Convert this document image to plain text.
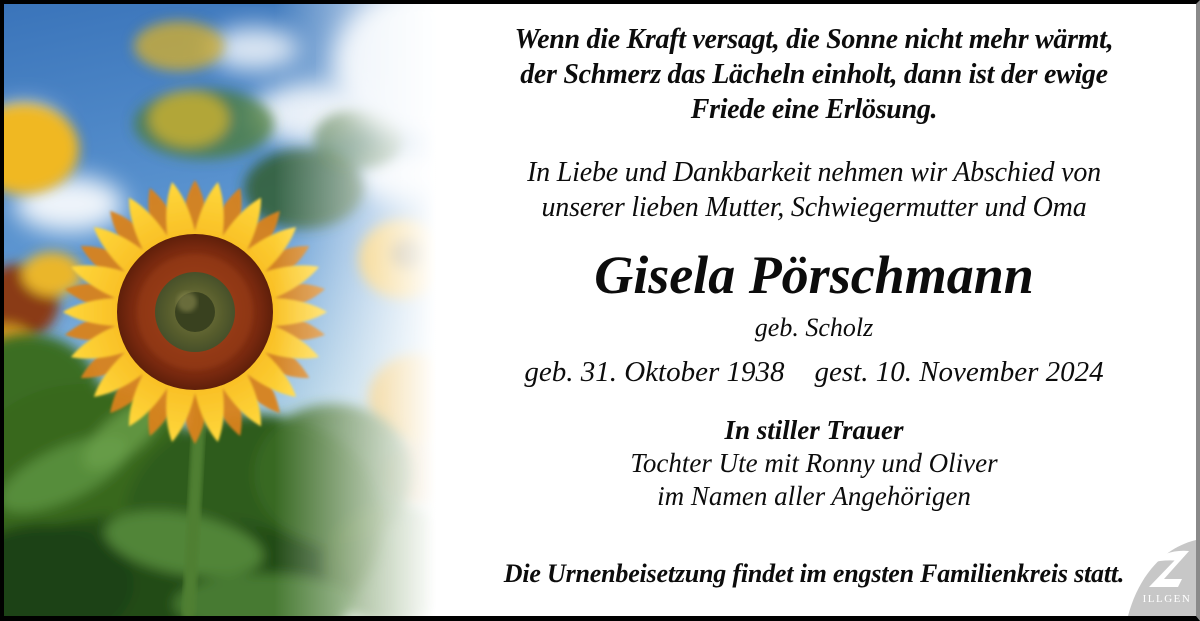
Wenn die Kraft versagt, die Sonne nicht mehr wärmt,
der Schmerz das Lächeln einholt, dann ist der ewige
Friede eine Erlösung.
In Liebe und Dankbarkeit nehmen wir Abschied von
unserer lieben Mutter, Schwiegermutter und Oma
Gisela Pörschmann
geb. Scholz
geb. 31. Oktober 1938 gest. 10. November 2024
In stiller Trauer
Tochter Ute mit Ronny und Oliver
im Namen aller Angehörigen
Die Urnenbeisetzung findet im engsten Familienkreis statt.
ILLGEN
